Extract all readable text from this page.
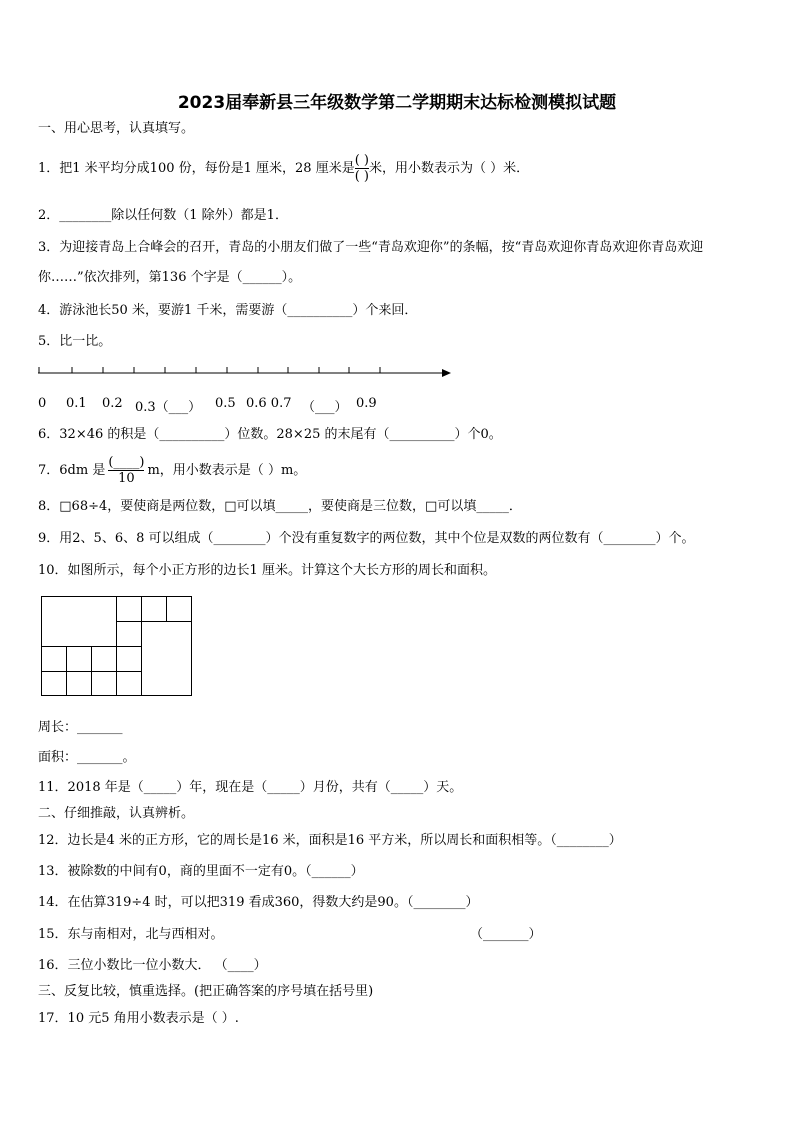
2023届奉新县三年级数学第二学期期末达标检测模拟试题
一、用心思考，认真填写。
1．把1 米平均分成100 份，每份是1 厘米，28 厘米是 $\frac{( )}{( )}$ 米，用小数表示为（ ）米．
2．________除以任何数（1 除外）都是1．
3．为迎接青岛上合峰会的召开，青岛的小朋友们做了一些“青岛欢迎你”的条幅，按“青岛欢迎你青岛欢迎你青岛欢迎
你……”依次排列，第136 个字是（______）。
4．游泳池长50 米，要游1 千米，需要游（__________）个来回．
5．比一比。
0 0.1 0.2 0.3（___） 0.5 0.6 0.7 （___） 0.9
6．32×46 的积是（__________）位数。28×25 的末尾有（__________）个0。
7．6dm 是 $\frac{(\_\_\_\_)}{10}$ m，用小数表示是（ ）m。
8．□68÷4，要使商是两位数，□可以填_____，要使商是三位数，□可以填_____．
9．用2、5、6、8 可以组成（________）个没有重复数字的两位数，其中个位是双数的两位数有（________）个。
10．如图所示，每个小正方形的边长1 厘米。计算这个大长方形的周长和面积。
周长：_______
面积：_______。
11．2018 年是（_____）年，现在是（_____）月份，共有（_____）天。
二、仔细推敲，认真辨析。
12．边长是4 米的正方形，它的周长是16 米，面积是16 平方米，所以周长和面积相等。（________）
13．被除数的中间有0，商的里面不一定有0。（______）
14．在估算319÷4 时，可以把319 看成360，得数大约是90。（________）
15．东与南相对，北与西相对。	（_______）
16．三位小数比一位小数大． （____）
三、反复比较，慎重选择。(把正确答案的序号填在括号里)
17．10 元5 角用小数表示是（ ）.
